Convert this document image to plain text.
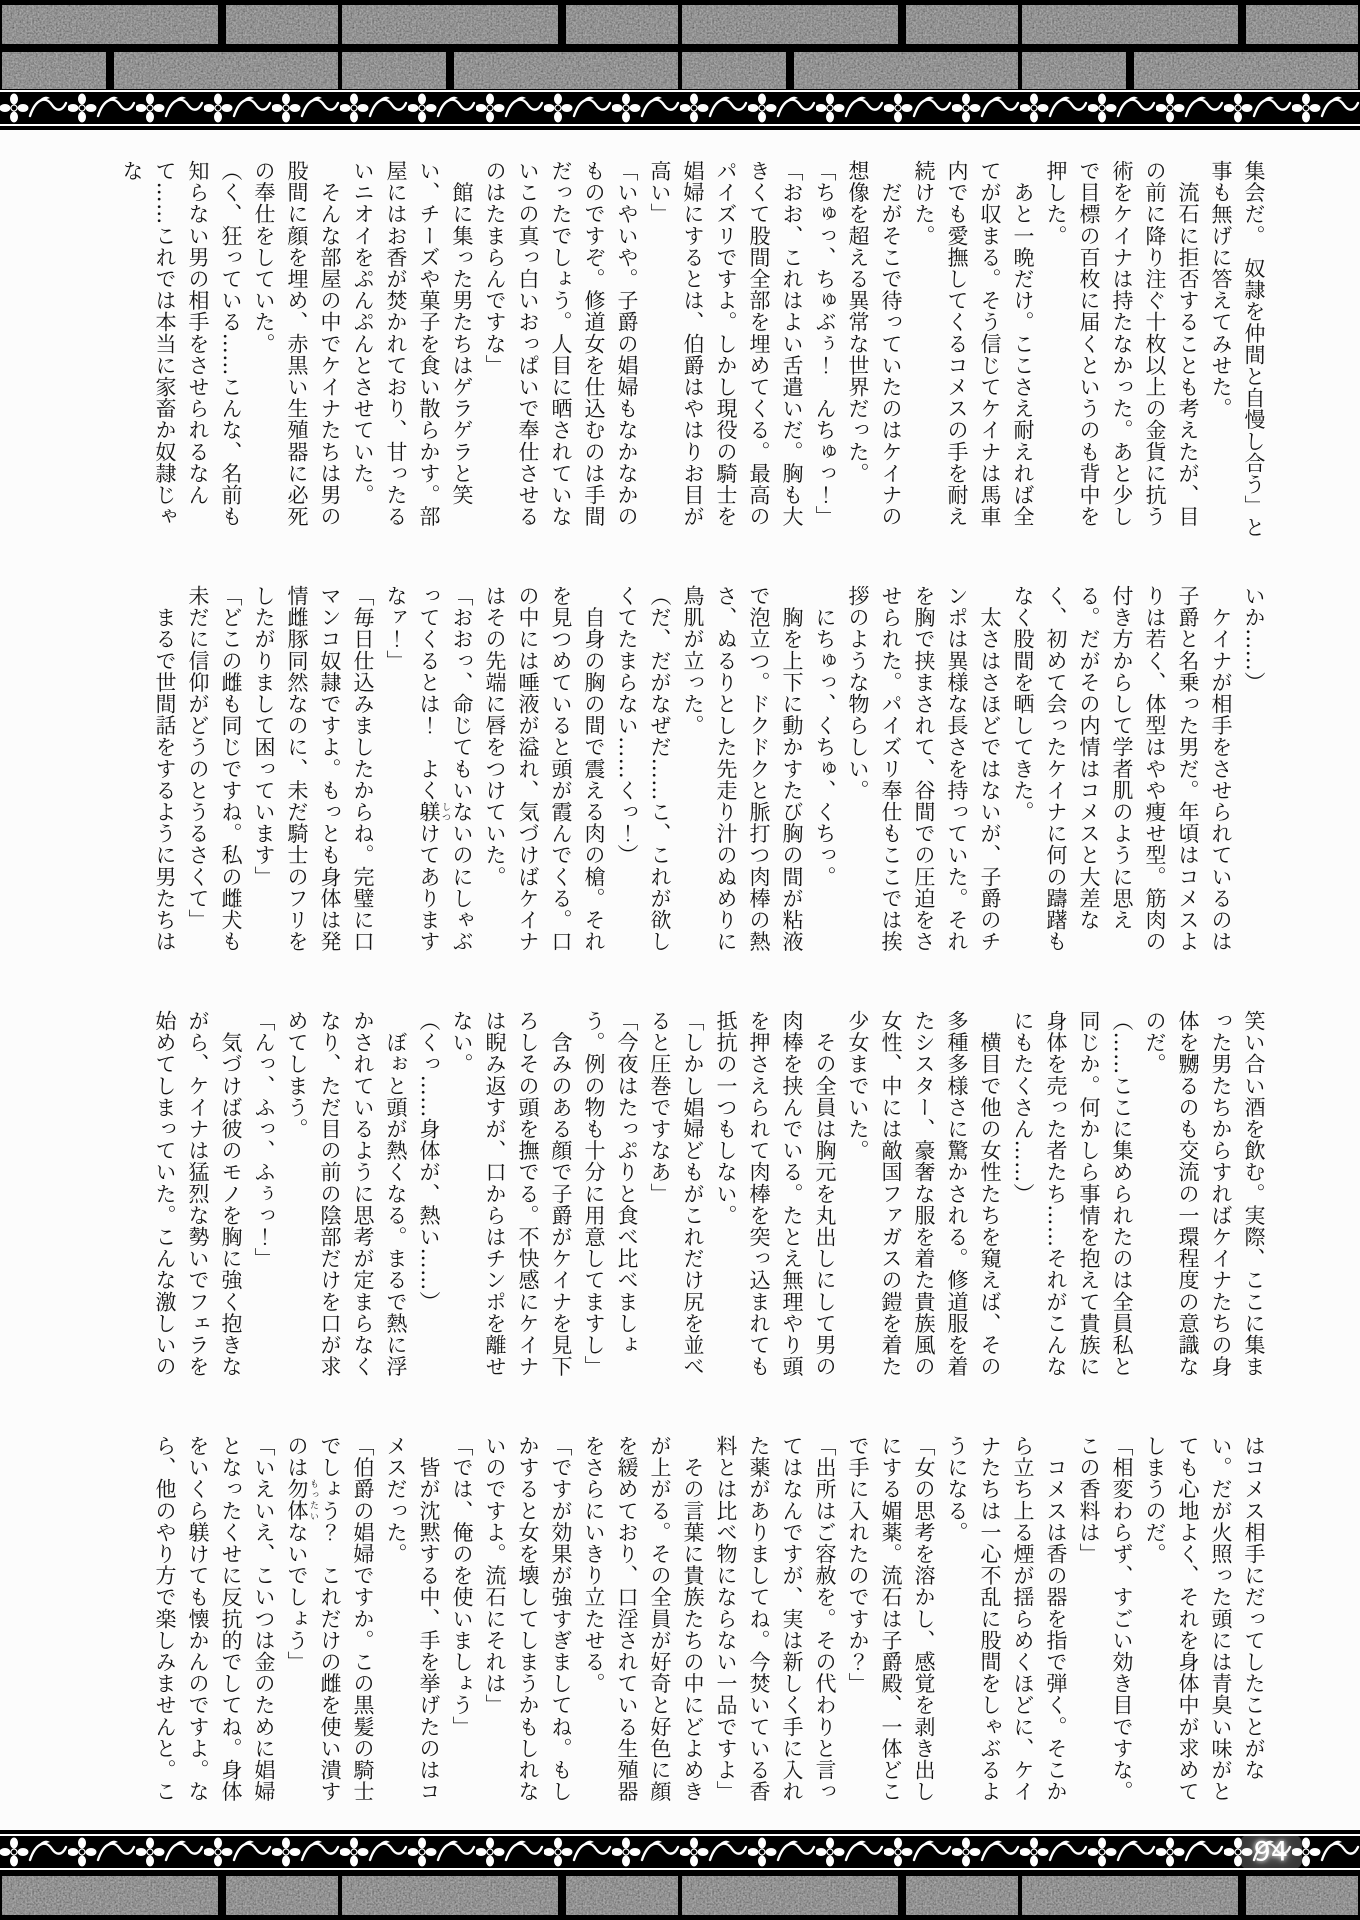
集会だ。　奴隷を仲間と自慢し合う」と事も無げに答えてみせた。

　流石に拒否することも考えたが、目の前に降り注ぐ十枚以上の金貨に抗う術をケイナは持たなかった。あと少しで目標の百枚に届くというのも背中を押した。

　あと一晩だけ。ここさえ耐えれば全てが収まる。そう信じてケイナは馬車内でも愛撫してくるコメスの手を耐え続けた。

　だがそこで待っていたのはケイナの想像を超える異常な世界だった。

「ちゅっ、ちゅぶぅ！　んちゅっ！」

「おお、これはよい舌遣いだ。胸も大きくて股間全部を埋めてくる。最高のパイズリですよ。しかし現役の騎士を娼婦にするとは、伯爵はやはりお目が高い」

「いやいや。子爵の娼婦もなかなかのものですぞ。修道女を仕込むのは手間だったでしょう。人目に晒されていないこの真っ白いおっぱいで奉仕させるのはたまらんですな」

　館に集った男たちはゲラゲラと笑い、チーズや菓子を食い散らかす。部屋にはお香が焚かれており、甘ったるいニオイをぷんぷんとさせていた。

　そんな部屋の中でケイナたちは男の股間に顔を埋め、赤黒い生殖器に必死の奉仕をしていた。

（く、狂っている……こんな、名前も知らない男の相手をさせられるなんて……これでは本当に家畜か奴隷じゃな

いか……）

　ケイナが相手をさせられているのは子爵と名乗った男だ。年頃はコメスよりは若く、体型はやや痩せ型。筋肉の付き方からして学者肌のように思える。だがその内情はコメスと大差なく、初めて会ったケイナに何の躊躇もなく股間を晒してきた。

　太さはさほどではないが、子爵のチンポは異様な長さを持っていた。それを胸で挟まされて、谷間での圧迫をさせられた。パイズリ奉仕もここでは挨拶のような物らしい。

　にちゅっ、くちゅ、くちっ。

　胸を上下に動かすたび胸の間が粘液で泡立つ。ドクドクと脈打つ肉棒の熱さ、ぬるりとした先走り汁のぬめりに鳥肌が立った。

（だ、だがなぜだ……こ、これが欲しくてたまらない……くっ！）

　自身の胸の間で震える肉の槍。それを見つめていると頭が霞んでくる。口の中には唾液が溢れ、気づけばケイナはその先端に唇をつけていた。

「おおっ、命じてもいないのにしゃぶってくるとは！　よく躾 しつけてありますなァ！」

「毎日仕込みましたからね。完璧に口マンコ奴隷ですよ。もっとも身体は発情雌豚同然なのに、未だ騎士のフリをしたがりまして困っています」

「どこの雌も同じですね。私の雌犬も未だに信仰がどうのとうるさくて」

　まるで世間話をするように男たちは

笑い合い酒を飲む。実際、ここに集まった男たちからすればケイナたちの身体を嬲るのも交流の一環程度の意識なのだ。

（……ここに集められたのは全員私と同じか。何かしら事情を抱えて貴族に身体を売った者たち……それがこんなにもたくさん……）

　横目で他の女性たちを窺えば、その多種多様さに驚かされる。修道服を着たシスター、豪奢な服を着た貴族風の女性、中には敵国ファガスの鎧を着た少女までいた。

　その全員は胸元を丸出しにして男の肉棒を挟んでいる。たとえ無理やり頭を押さえられて肉棒を突っ込まれても抵抗の一つもしない。

「しかし娼婦どもがこれだけ尻を並べると圧巻ですなあ」

「今夜はたっぷりと食べ比べましょう。例の物も十分に用意してますし」

　含みのある顔で子爵がケイナを見下ろしその頭を撫でる。不快感にケイナは睨み返すが、口からはチンポを離せない。

（くっ……身体が、熱い……）

　ぼぉと頭が熱くなる。まるで熱に浮かされているように思考が定まらなくなり、ただ目の前の陰部だけを口が求めてしまう。

「んっ、ふっ、ふぅっ！」

　気づけば彼のモノを胸に強く抱きながら、ケイナは猛烈な勢いでフェラを始めてしまっていた。こんな激しいの

はコメス相手にだってしたことがない。だが火照った頭には青臭い味がとても心地よく、それを身体中が求めてしまうのだ。

「相変わらず、すごい効き目ですな。この香料は」

　コメスは香の器を指で弾く。そこから立ち上る煙が揺らめくほどに、ケイナたちは一心不乱に股間をしゃぶるようになる。

「女の思考を溶かし、感覚を剥き出しにする媚薬。流石は子爵殿、一体どこで手に入れたのですか？」

「出所はご容赦を。その代わりと言ってはなんですが、実は新しく手に入れた薬がありましてね。今焚いている香料とは比べ物にならない一品ですよ」

　その言葉に貴族たちの中にどよめきが上がる。その全員が好奇と好色に顔を緩めており、口淫されている生殖器をさらにいきり立たせる。

「ですが効果が強すぎましてね。もしかすると女を壊してしまうかもしれないのですよ。流石にそれは」

「では、俺のを使いましょう」

　皆が沈黙する中、手を挙げたのはコメスだった。

「伯爵の娼婦ですか。この黒髪の騎士でしょう？　これだけの雌を使い潰すのは勿体 もったいないでしょう」

「いえいえ、こいつは金のために娼婦となったくせに反抗的でしてね。身体をいくら躾けても懐かんのですよ。なら、他のやり方で楽しみませんと。こ

94
